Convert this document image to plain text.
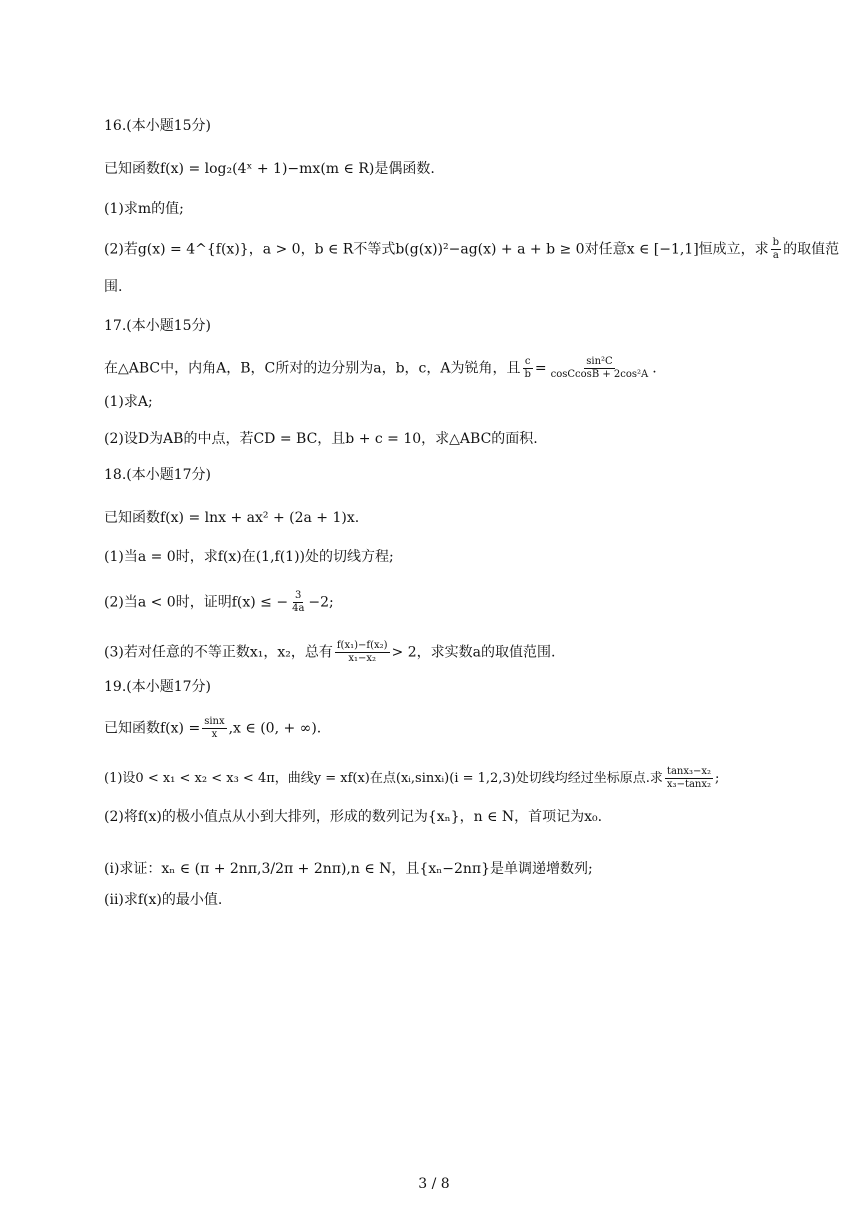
16.(本小题15分)
已知函数f(x) = log₂(4ˣ + 1)−mx(m ∈ R)是偶函数.
(1)求m的值;
(2)若g(x) = 4^{f(x)}，a > 0，b ∈ R不等式b(g(x))²−ag(x) + a + b ≥ 0对任意x ∈ [−1,1]恒成立，求 $\frac{b}{a}$ 的取值范
围.
17.(本小题15分)
在△ABC中，内角A，B，C所对的边分别为a，b，c，A为锐角，且 $\frac{c}{b} = \frac{\text{sin²C}}{\text{cosCcosB + 2cos²A}}$ .
(1)求A;
(2)设D为AB的中点，若CD = BC，且b + c = 10，求△ABC的面积.
18.(本小题17分)
已知函数f(x) = lnx + ax² + (2a + 1)x.
(1)当a = 0时，求f(x)在(1,f(1))处的切线方程;
(2)当a < 0时，证明f(x) ≤ − $\frac{3}{4a} -2$;
(3)若对任意的不等正数x₁，x₂，总有 $\frac{\text{f(x₁)−f(x₂)}}{\text{x₁−x₂}} > 2$，求实数a的取值范围.
19.(本小题17分)
已知函数$f(x) = \frac{\sin x}{x} ,x$ ∈ (0, + ∞).
(1)设0 < x₁ < x₂ < x₃ < 4π，曲线y = xf(x)在点(xᵢ,sinxᵢ)(i = 1,2,3)处切线均经过坐标原点.求 $\frac{\text{tanx₃−x₂}}{\text{x₃−tanx₂}}$ ;
(2)将f(x)的极小值点从小到大排列，形成的数列记为{xₙ}，n ∈ N，首项记为x₀.
(i)求证：xₙ ∈ (π + 2nπ,3/2π + 2nπ),n ∈ N，且{xₙ−2nπ}是单调递增数列;
(ii)求f(x)的最小值.
3 / 8
